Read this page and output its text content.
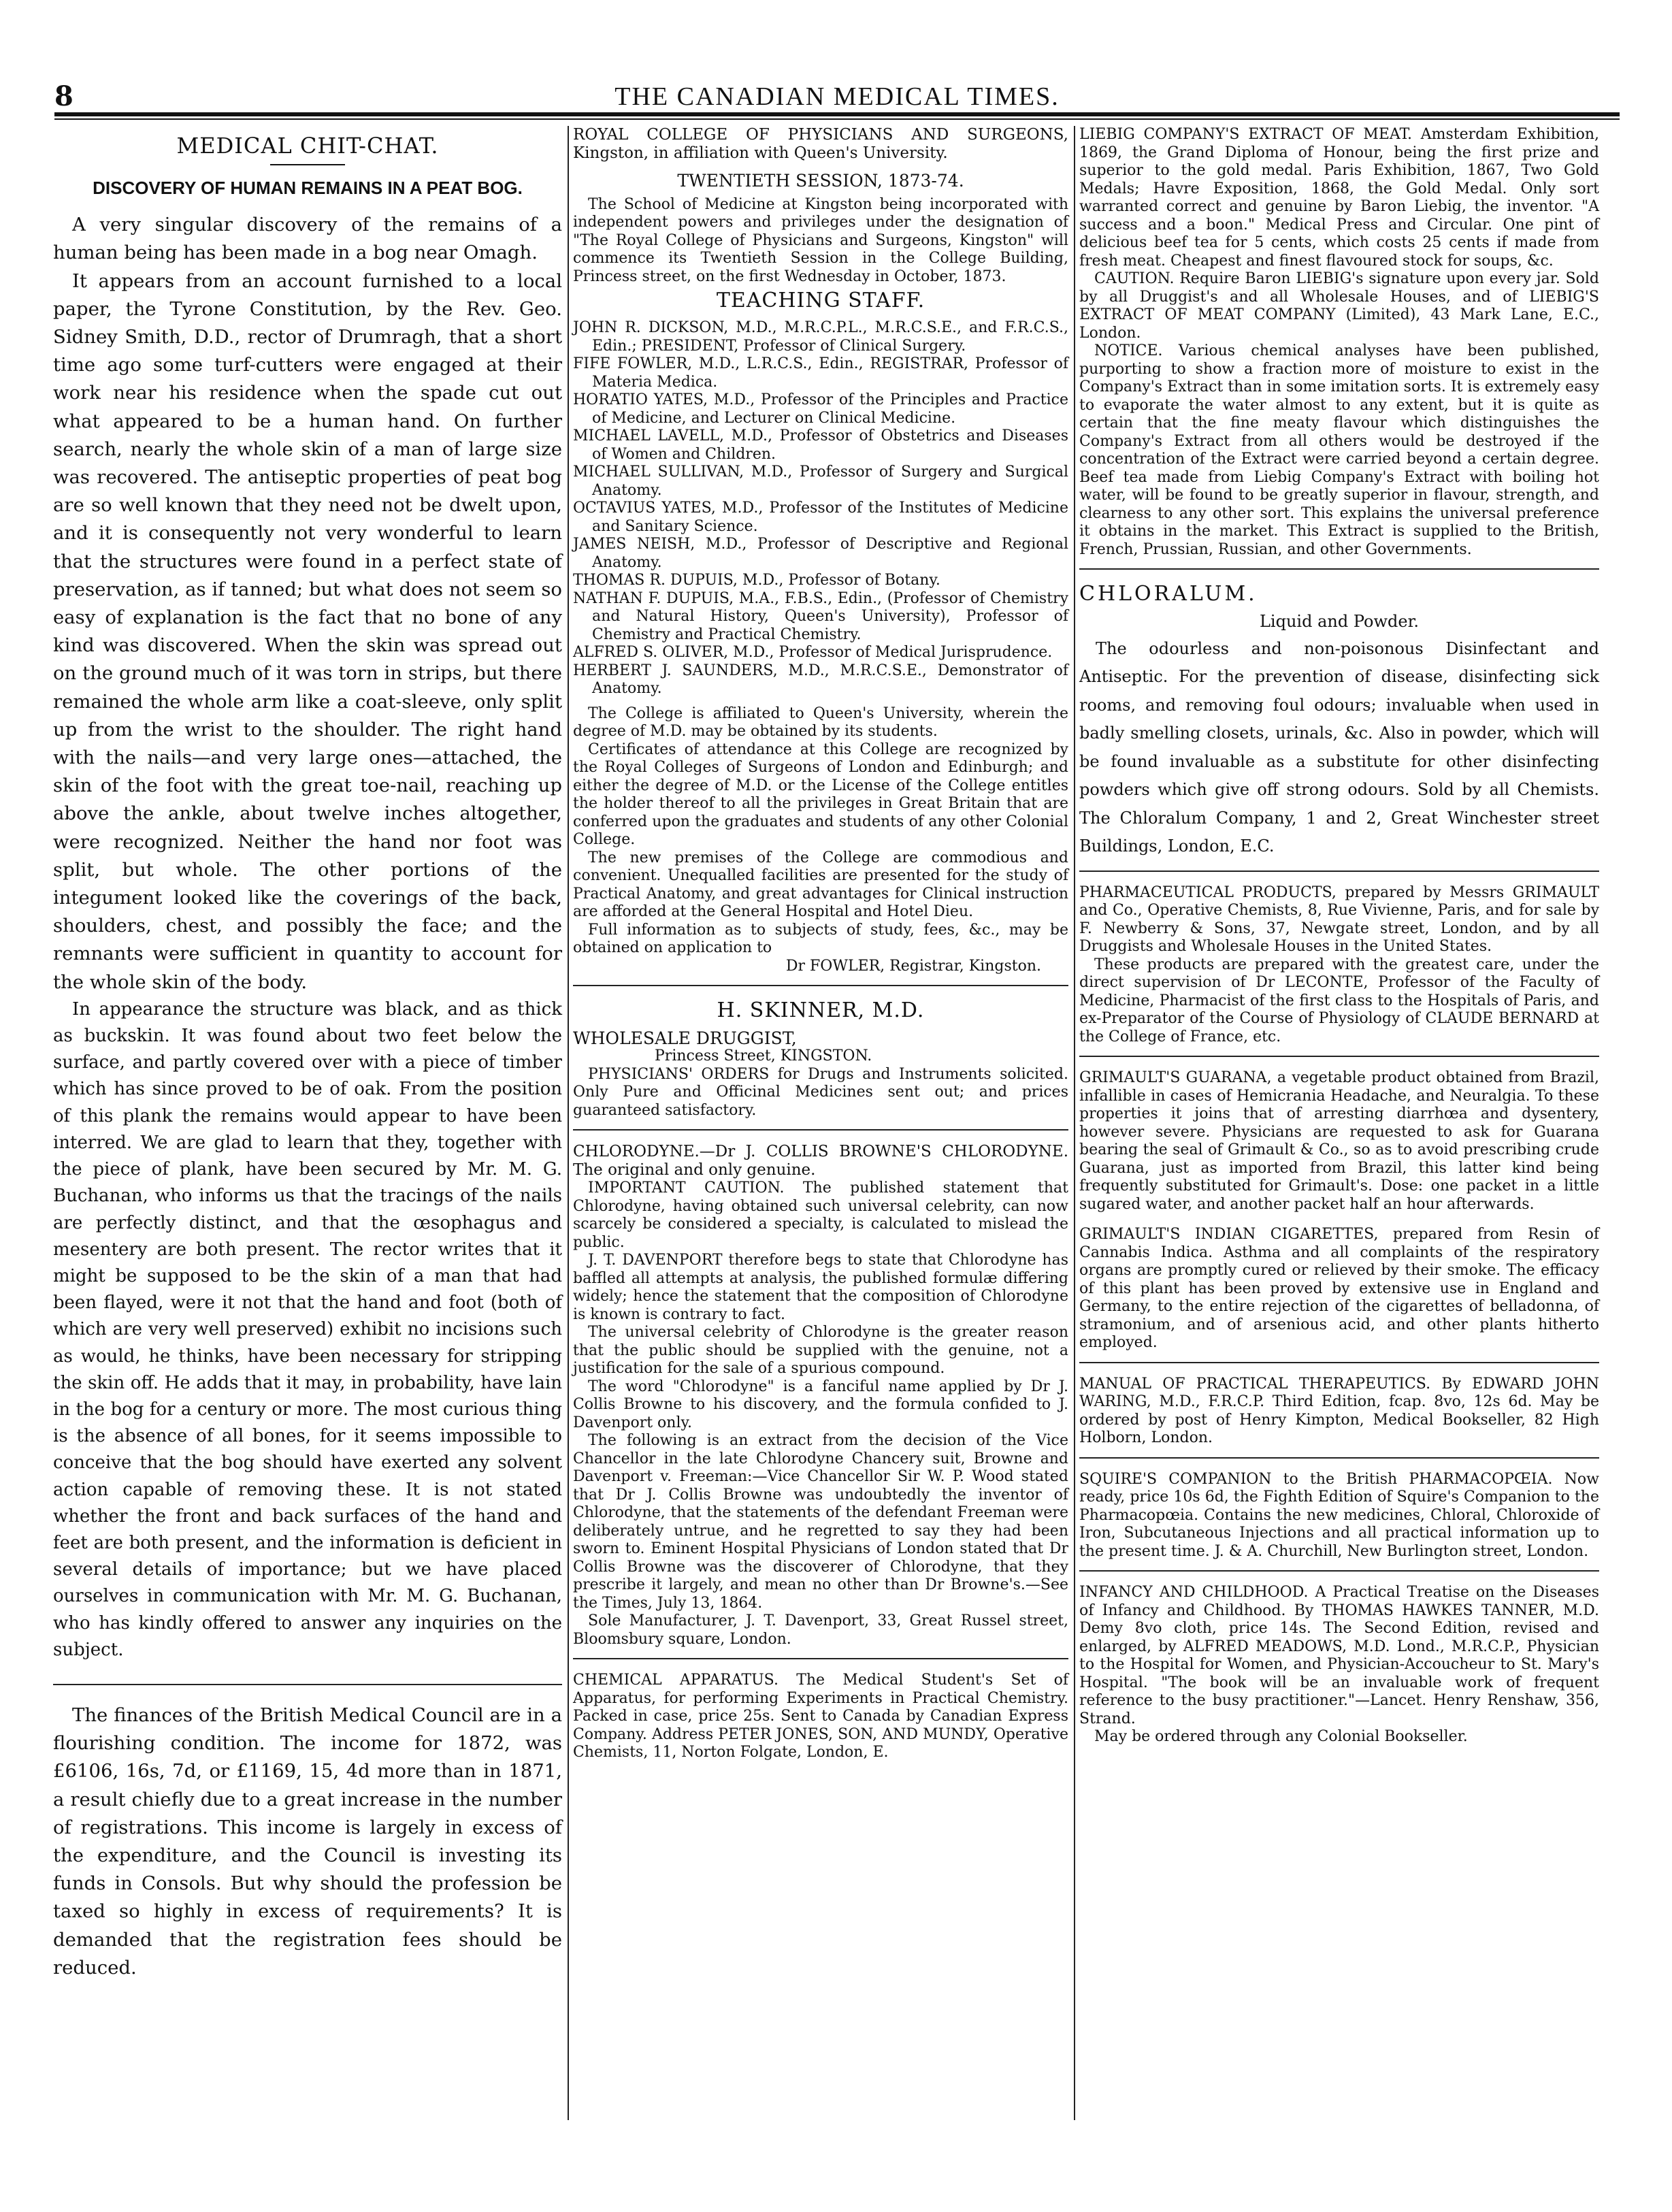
8	THE CANADIAN MEDICAL TIMES.
MEDICAL CHIT-CHAT.
DISCOVERY OF HUMAN REMAINS IN A PEAT BOG.

A very singular discovery of the remains of a human being has been made in a bog near Omagh.

It appears from an account furnished to a local paper, the Tyrone Constitution, by the Rev. Geo. Sidney Smith, D.D., rector of Drumragh, that a short time ago some turf-cutters were engaged at their work near his residence when the spade cut out what appeared to be a human hand. On further search, nearly the whole skin of a man of large size was recovered. The antiseptic properties of peat bog are so well known that they need not be dwelt upon, and it is consequently not very wonderful to learn that the structures were found in a perfect state of preservation, as if tanned; but what does not seem so easy of explanation is the fact that no bone of any kind was discovered. When the skin was spread out on the ground much of it was torn in strips, but there remained the whole arm like a coat-sleeve, only split up from the wrist to the shoulder. The right hand with the nails—and very large ones—attached, the skin of the foot with the great toe-nail, reaching up above the ankle, about twelve inches altogether, were recognized. Neither the hand nor foot was split, but whole. The other portions of the integument looked like the coverings of the back, shoulders, chest, and possibly the face; and the remnants were sufficient in quantity to account for the whole skin of the body.

In appearance the structure was black, and as thick as buckskin. It was found about two feet below the surface, and partly covered over with a piece of timber which has since proved to be of oak. From the position of this plank the remains would appear to have been interred. We are glad to learn that they, together with the piece of plank, have been secured by Mr. M. G. Buchanan, who informs us that the tracings of the nails are perfectly distinct, and that the œsophagus and mesentery are both present. The rector writes that it might be supposed to be the skin of a man that had been flayed, were it not that the hand and foot (both of which are very well preserved) exhibit no incisions such as would, he thinks, have been necessary for stripping the skin off. He adds that it may, in probability, have lain in the bog for a century or more. The most curious thing is the absence of all bones, for it seems impossible to conceive that the bog should have exerted any solvent action capable of removing these. It is not stated whether the front and back surfaces of the hand and feet are both present, and the information is deficient in several details of importance; but we have placed ourselves in communication with Mr. M. G. Buchanan, who has kindly offered to answer any inquiries on the subject.

The finances of the British Medical Council are in a flourishing condition. The income for 1872, was £6106, 16s, 7d, or £1169, 15, 4d more than in 1871, a result chiefly due to a great increase in the number of registrations. This income is largely in excess of the expenditure, and the Council is investing its funds in Consols. But why should the profession be taxed so highly in excess of requirements? It is demanded that the registration fees should be reduced.

ROYAL COLLEGE OF PHYSICIANS AND SURGEONS, Kingston, in affiliation with Queen's University.

TWENTIETH SESSION, 1873-74.

The School of Medicine at Kingston being incorporated with independent powers and privileges under the designation of "The Royal College of Physicians and Surgeons, Kingston" will commence its Twentieth Session in the College Building, Princess street, on the first Wednesday in October, 1873.

TEACHING STAFF.

JOHN R. DICKSON, M.D., M.R.C.P.L., M.R.C.S.E., and F.R.C.S., Edin.; PRESIDENT, Professor of Clinical Surgery.

FIFE FOWLER, M.D., L.R.C.S., Edin., REGISTRAR, Professor of Materia Medica.

HORATIO YATES, M.D., Professor of the Principles and Practice of Medicine, and Lecturer on Clinical Medicine.

MICHAEL LAVELL, M.D., Professor of Obstetrics and Diseases of Women and Children.

MICHAEL SULLIVAN, M.D., Professor of Surgery and Surgical Anatomy.

OCTAVIUS YATES, M.D., Professor of the Institutes of Medicine and Sanitary Science.

JAMES NEISH, M.D., Professor of Descriptive and Regional Anatomy.

THOMAS R. DUPUIS, M.D., Professor of Botany.

NATHAN F. DUPUIS, M.A., F.B.S., Edin., (Professor of Chemistry and Natural History, Queen's University), Professor of Chemistry and Practical Chemistry.

ALFRED S. OLIVER, M.D., Professor of Medical Jurisprudence.

HERBERT J. SAUNDERS, M.D., M.R.C.S.E., Demonstrator of Anatomy.

The College is affiliated to Queen's University, wherein the degree of M.D. may be obtained by its students.

Certificates of attendance at this College are recognized by the Royal Colleges of Surgeons of London and Edinburgh; and either the degree of M.D. or the License of the College entitles the holder thereof to all the privileges in Great Britain that are conferred upon the graduates and students of any other Colonial College.

The new premises of the College are commodious and convenient. Unequalled facilities are presented for the study of Practical Anatomy, and great advantages for Clinical instruction are afforded at the General Hospital and Hotel Dieu.

Full information as to subjects of study, fees, &c., may be obtained on application to

Dr FOWLER, Registrar, Kingston.

H. SKINNER, M.D.

WHOLESALE DRUGGIST,

Princess Street, KINGSTON.

PHYSICIANS' ORDERS for Drugs and Instruments solicited. Only Pure and Officinal Medicines sent out; and prices guaranteed satisfactory.

CHLORODYNE.—Dr J. COLLIS BROWNE'S CHLORODYNE. The original and only genuine.

IMPORTANT CAUTION. The published statement that Chlorodyne, having obtained such universal celebrity, can now scarcely be considered a specialty, is calculated to mislead the public.

J. T. DAVENPORT therefore begs to state that Chlorodyne has baffled all attempts at analysis, the published formulæ differing widely; hence the statement that the composition of Chlorodyne is known is contrary to fact.

The universal celebrity of Chlorodyne is the greater reason that the public should be supplied with the genuine, not a justification for the sale of a spurious compound.

The word "Chlorodyne" is a fanciful name applied by Dr J. Collis Browne to his discovery, and the formula confided to J. Davenport only.

The following is an extract from the decision of the Vice Chancellor in the late Chlorodyne Chancery suit, Browne and Davenport v. Freeman:—Vice Chancellor Sir W. P. Wood stated that Dr J. Collis Browne was undoubtedly the inventor of Chlorodyne, that the statements of the defendant Freeman were deliberately untrue, and he regretted to say they had been sworn to. Eminent Hospital Physicians of London stated that Dr Collis Browne was the discoverer of Chlorodyne, that they prescribe it largely, and mean no other than Dr Browne's.—See the Times, July 13, 1864.

Sole Manufacturer, J. T. Davenport, 33, Great Russel street, Bloomsbury square, London.

CHEMICAL APPARATUS. The Medical Student's Set of Apparatus, for performing Experiments in Practical Chemistry. Packed in case, price 25s. Sent to Canada by Canadian Express Company. Address PETER JONES, SON, AND MUNDY, Operative Chemists, 11, Norton Folgate, London, E.

LIEBIG COMPANY'S EXTRACT OF MEAT. Amsterdam Exhibition, 1869, the Grand Diploma of Honour, being the first prize and superior to the gold medal. Paris Exhibition, 1867, Two Gold Medals; Havre Exposition, 1868, the Gold Medal. Only sort warranted correct and genuine by Baron Liebig, the inventor. "A success and a boon." Medical Press and Circular. One pint of delicious beef tea for 5 cents, which costs 25 cents if made from fresh meat. Cheapest and finest flavoured stock for soups, &c.

CAUTION. Require Baron LIEBIG's signature upon every jar. Sold by all Druggist's and all Wholesale Houses, and of LIEBIG'S EXTRACT OF MEAT COMPANY (Limited), 43 Mark Lane, E.C., London.

NOTICE. Various chemical analyses have been published, purporting to show a fraction more of moisture to exist in the Company's Extract than in some imitation sorts. It is extremely easy to evaporate the water almost to any extent, but it is quite as certain that the fine meaty flavour which distinguishes the Company's Extract from all others would be destroyed if the concentration of the Extract were carried beyond a certain degree. Beef tea made from Liebig Company's Extract with boiling hot water, will be found to be greatly superior in flavour, strength, and clearness to any other sort. This explains the universal preference it obtains in the market. This Extract is supplied to the British, French, Prussian, Russian, and other Governments.

CHLORALUM.

Liquid and Powder.

The odourless and non-poisonous Disinfectant and Antiseptic. For the prevention of disease, disinfecting sick rooms, and removing foul odours; invaluable when used in badly smelling closets, urinals, &c. Also in powder, which will be found invaluable as a substitute for other disinfecting powders which give off strong odours. Sold by all Chemists. The Chloralum Company, 1 and 2, Great Winchester street Buildings, London, E.C.

PHARMACEUTICAL PRODUCTS, prepared by Messrs GRIMAULT and Co., Operative Chemists, 8, Rue Vivienne, Paris, and for sale by F. Newberry & Sons, 37, Newgate street, London, and by all Druggists and Wholesale Houses in the United States.

These products are prepared with the greatest care, under the direct supervision of Dr LECONTE, Professor of the Faculty of Medicine, Pharmacist of the first class to the Hospitals of Paris, and ex-Preparator of the Course of Physiology of CLAUDE BERNARD at the College of France, etc.

GRIMAULT'S GUARANA, a vegetable product obtained from Brazil, infallible in cases of Hemicrania Headache, and Neuralgia. To these properties it joins that of arresting diarrhœa and dysentery, however severe. Physicians are requested to ask for Guarana bearing the seal of Grimault & Co., so as to avoid prescribing crude Guarana, just as imported from Brazil, this latter kind being frequently substituted for Grimault's. Dose: one packet in a little sugared water, and another packet half an hour afterwards.

GRIMAULT'S INDIAN CIGARETTES, prepared from Resin of Cannabis Indica. Asthma and all complaints of the respiratory organs are promptly cured or relieved by their smoke. The efficacy of this plant has been proved by extensive use in England and Germany, to the entire rejection of the cigarettes of belladonna, of stramonium, and of arsenious acid, and other plants hitherto employed.

MANUAL OF PRACTICAL THERAPEUTICS. By EDWARD JOHN WARING, M.D., F.R.C.P. Third Edition, fcap. 8vo, 12s 6d. May be ordered by post of Henry Kimpton, Medical Bookseller, 82 High Holborn, London.

SQUIRE'S COMPANION to the British PHARMACOPŒIA. Now ready, price 10s 6d, the Fighth Edition of Squire's Companion to the Pharmacopœia. Contains the new medicines, Chloral, Chloroxide of Iron, Subcutaneous Injections and all practical information up to the present time. J. & A. Churchill, New Burlington street, London.

INFANCY AND CHILDHOOD. A Practical Treatise on the Diseases of Infancy and Childhood. By THOMAS HAWKES TANNER, M.D. Demy 8vo cloth, price 14s. The Second Edition, revised and enlarged, by ALFRED MEADOWS, M.D. Lond., M.R.C.P., Physician to the Hospital for Women, and Physician-Accoucheur to St. Mary's Hospital. "The book will be an invaluable work of frequent reference to the busy practitioner."—Lancet. Henry Renshaw, 356, Strand.

May be ordered through any Colonial Bookseller.
